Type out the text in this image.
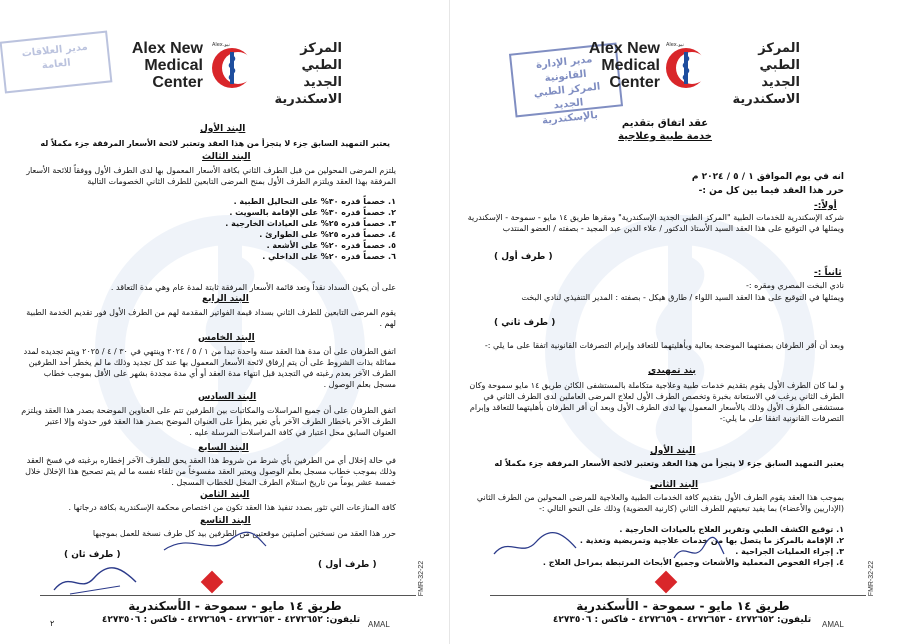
مدير العلاقات العامة
Alex New
Medical
Center
Alex.نيو	المركز
الطبي الجديد
الاسكندرية
البند الأول
يعتبر التمهيد السابق جزء لا يتجزأ من هذا العقد وتعتبر لائحة الأسعار المرفقة جزء مكملاً له
البند الثالث
يلتزم المرضى المحولين من قبل الطرف الثاني بكافة الأسعار المعمول بها لدى الطرف الأول ووفقاً للائحة الأسعار المرفقة بهذا العقد ويلتزم الطرف الأول بمنح المرضى التابعين للطرف الثاني الخصومات التالية
١. خصماً قدره ٣٠% على التحاليل الطبية .
٢. خصماً قدره ٣٠% على الإقامة بالسويت .
٣. خصماً قدره ٢٥% على العيادات الخارجية .
٤. خصماً قدره ٢٥% على الطوارئ .
٥. خصماً قدره ٢٠% على الأشعة .
٦. خصماً قدره ٢٠% على الداخلي .
على أن يكون السداد نقداً وتعد قائمة الأسعار المرفقة ثابتة لمدة عام وهي مدة التعاقد .
البند الرابع
يقوم المرضى التابعين للطرف الثاني بسداد قيمة الفواتير المقدمة لهم من الطرف الأول فور تقديم الخدمة الطبية لهم .
البند الخامس
اتفق الطرفان على أن مدة هذا العقد سنة واحدة تبدأ من ١ / ٥ / ٢٠٢٤ وينتهي في ٣٠ / ٤ / ٢٠٢٥ ويتم تجديده لمدد مماثلة بذات الشروط على أن يتم إرفاق لائحة الأسعار المعمول بها عند كل تجديد وذلك ما لم يخطر أحد الطرفين الطرف الآخر بعدم رغبته في التجديد قبل انتهاء مدة العقد أو أي مدة مجددة بشهر على الأقل بموجب خطاب مسجل بعلم الوصول .
البند السادس
اتفق الطرفان على أن جميع المراسلات والمكاتبات بين الطرفين تتم على العناوين الموضحة بصدر هذا العقد ويلتزم الطرف الآخر باخطار الطرف الآخر بأي تغير يطرأ على العنوان الموضح بصدر هذا العقد فور حدوثه وإلا اعتبر العنوان السابق محل اعتبار في كافة المراسلات المرسلة عليه .
البند السابع
في حالة إخلال أي من الطرفين بأي شرط من شروط هذا العقد يحق للطرف الآخر إخطاره برغبته في فسخ العقد وذلك بموجب خطاب مسجل بعلم الوصول ويعتبر العقد مفسوخاً من تلقاء نفسه ما لم يتم تصحيح هذا الإخلال خلال خمسة عشر يوماً من تاريخ استلام الطرف المخل للخطاب المسجل .
البند الثامن
كافة المنازعات التي تثور بصدد تنفيذ هذا العقد تكون من اختصاص محكمة الإسكندرية بكافة درجاتها .
البند التاسع
حرر هذا العقد من نسختين أصليتين موقعتين من الطرفين بيد كل طرف نسخة للعمل بموجبها
( طرف ثان )
( طرف أول )
طريق ١٤ مايو - سموحة - الأسكندرية
تليفون: ٤٢٧٢٦٥٢ - ٤٢٧٢٦٥٣ - ٤٢٧٢٦٥٩ - فاكس : ٤٢٧٣٥٠٦
٢	AMAL
FMR-32-22
مدير الإدارة القانونية
المركز الطبي الجديد
بالإسكندرية
Alex New
Medical
Center
Alex.نيو	المركز
الطبي الجديد
الاسكندرية
عقد اتفاق بتقديم
خدمة طبية وعلاجية
انه في يوم الموافق ١ / ٥ / ٢٠٢٤ م
حرر هذا العقد فيما بين كل من :-
أولاً:-
شركة الإسكندرية للخدمات الطبية "المركز الطبي الجديد الإسكندرية" ومقرها طريق ١٤ مايو - سموحة - الإسكندرية ويمثلها في التوقيع على هذا العقد السيد الأستاذ الدكتور / علاء الدين عبد المجيد - بصفته / العضو المنتدب
( طرف أول )
ثانياً :-
نادي البخت المصري ومقره :-
ويمثلها في التوقيع على هذا العقد السيد اللواء / طارق هيكل - بصفته : المدير التنفيذي لنادي البخت
( طرف ثاني )
وبعد أن أقر الطرفان بصفتهما الموضحة بعالية وبأهليتهما للتعاقد وإبرام التصرفات القانونية اتفقا على ما يلي :-
بند تمهيدي
و لما كان الطرف الأول يقوم بتقديم خدمات طبية وعلاجية متكاملة بالمستشفى الكائن طريق ١٤ مايو سموحة وكان الطرف الثاني يرغب في الاستعانة بخبرة وتخصص الطرف الأول لعلاج المرضى العاملين لدى الطرف الثاني في مستشفى الطرف الأول وذلك بالأسعار المعمول بها لدى الطرف الأول وبعد أن أقر الطرفان بأهليتهما للتعاقد وإبرام التصرفات القانونية اتفقا على ما يلي:-
البند الأول
يعتبر التمهيد السابق جزء لا يتجزأ من هذا العقد وتعتبر لائحة الأسعار المرفقة جزء مكملاً له
البند الثاني
بموجب هذا العقد يقوم الطرف الأول بتقديم كافة الخدمات الطبية والعلاجية للمرضى المحولين من الطرف الثاني (الإداريين والأعضاء) بما يفيد تبعيتهم للطرف الثاني (كارنية العضوية) وذلك على النحو التالي :-
١. توقيع الكشف الطبي وتقرير العلاج بالعيادات الخارجية .
٢. الإقامة بالمركز ما يتصل بها من خدمات علاجية وتمريضية وتغذية .
٣. إجراء العمليات الجراحية .
٤. إجراء الفحوص المعملية والأشعات وجميع الأبحاث المرتبطة بمراحل العلاج .
طريق ١٤ مايو - سموحة - الأسكندرية
تليفون: ٤٢٧٢٦٥٢ - ٤٢٧٢٦٥٣ - ٤٢٧٢٦٥٩ - فاكس : ٤٢٧٣٥٠٦	AMAL
FMR-32-22
